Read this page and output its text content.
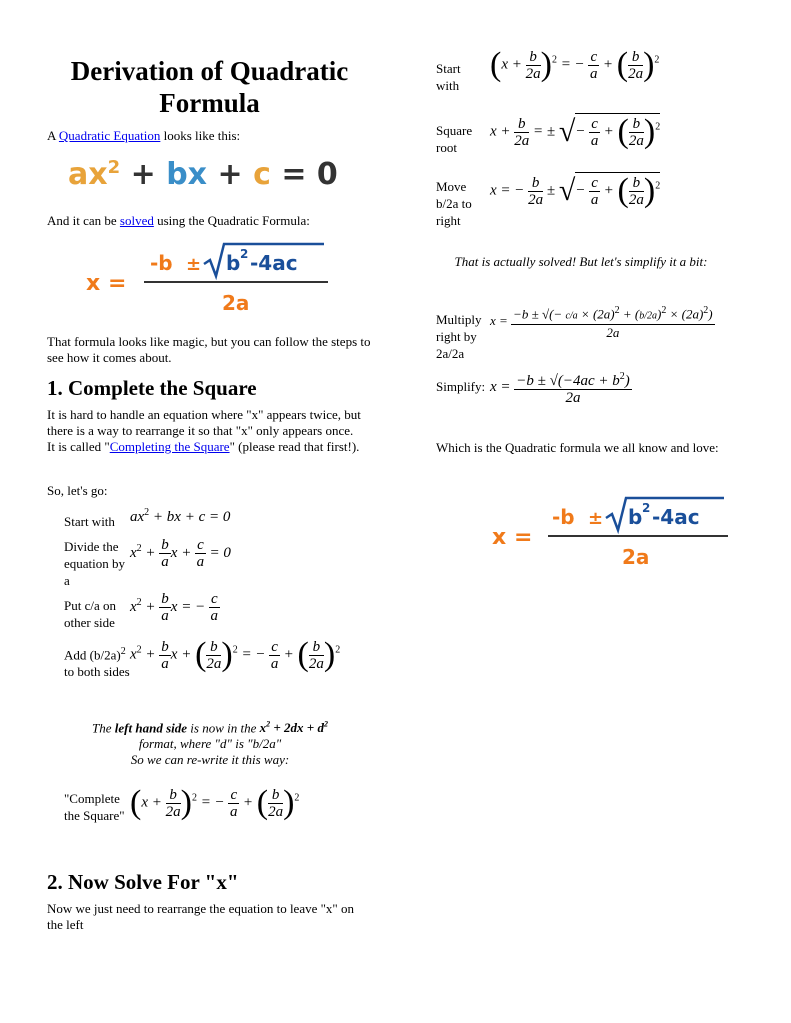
Derivation of Quadratic Formula

A Quadratic Equation looks like this:

$ax^2$ + bx + c = 0

And it can be solved using the Quadratic Formula:

x =
-b ± b 2 -4ac
2a

That formula looks like magic, but you can follow the steps to see how it comes about.

1. Complete the Square

It is hard to handle an equation where "x" appears twice, but there is a way to rearrange it so that "x" only appears once. It is called "Completing the Square" (please read that first!).

So, let's go:

Start with $ax^2$ + bx + c = 0
Divide the equation by a
$x^2 + \frac{b}{a}$ $x + \frac{c}{a} = 0$
Put c/a on other side
$x^2 + \frac{b}{a}$ x = − $\frac{c}{a}$
Add $(b/2a)^2$ to both sides
$x^2 + \frac{b}{a}$ x + ( $\frac{b}{2a} )^2$ = − $\frac{c}{a}$ + ( $\frac{b}{2a} )^2$
The left hand side is now in the $x^2 + 2dx + d^2$
format, where "d" is "b/2a"
So we can re-write it this way:
"Complete the Square" $(x + \frac{b}{2a} )^2$ = − $\frac{c}{a}$ + ( $\frac{b}{2a} )^2$
2. Now Solve For "x"

Now we just need to rearrange the equation to leave "x" on the left

Start with
$(x + \frac{b}{2a} )^2$ = − $\frac{c}{a}$ + ( $\frac{b}{2a} )^2$
Square root
$x + \frac{b}{2a}$ = ± √− $\frac{c}{a}$ + ( $\frac{b}{2a} )^2$
Move b/2a to right
x = − $\frac{b}{2a}$ ± √− $\frac{c}{a}$ + ( $\frac{b}{2a} )^2$
That is actually solved! But let's simplify it a bit:
Multiply right by 2a/2a
$x = \frac{-b \pm √(- c/a \times (2a)^2 + (b/2a)^2 \times (2a)^2)}{2a}$
Simplify: $x = \frac{-b \pm √(-4ac + b^2)}{2a}$

Which is the Quadratic formula we all know and love:

x =
-b ± b 2 -4ac
2a
